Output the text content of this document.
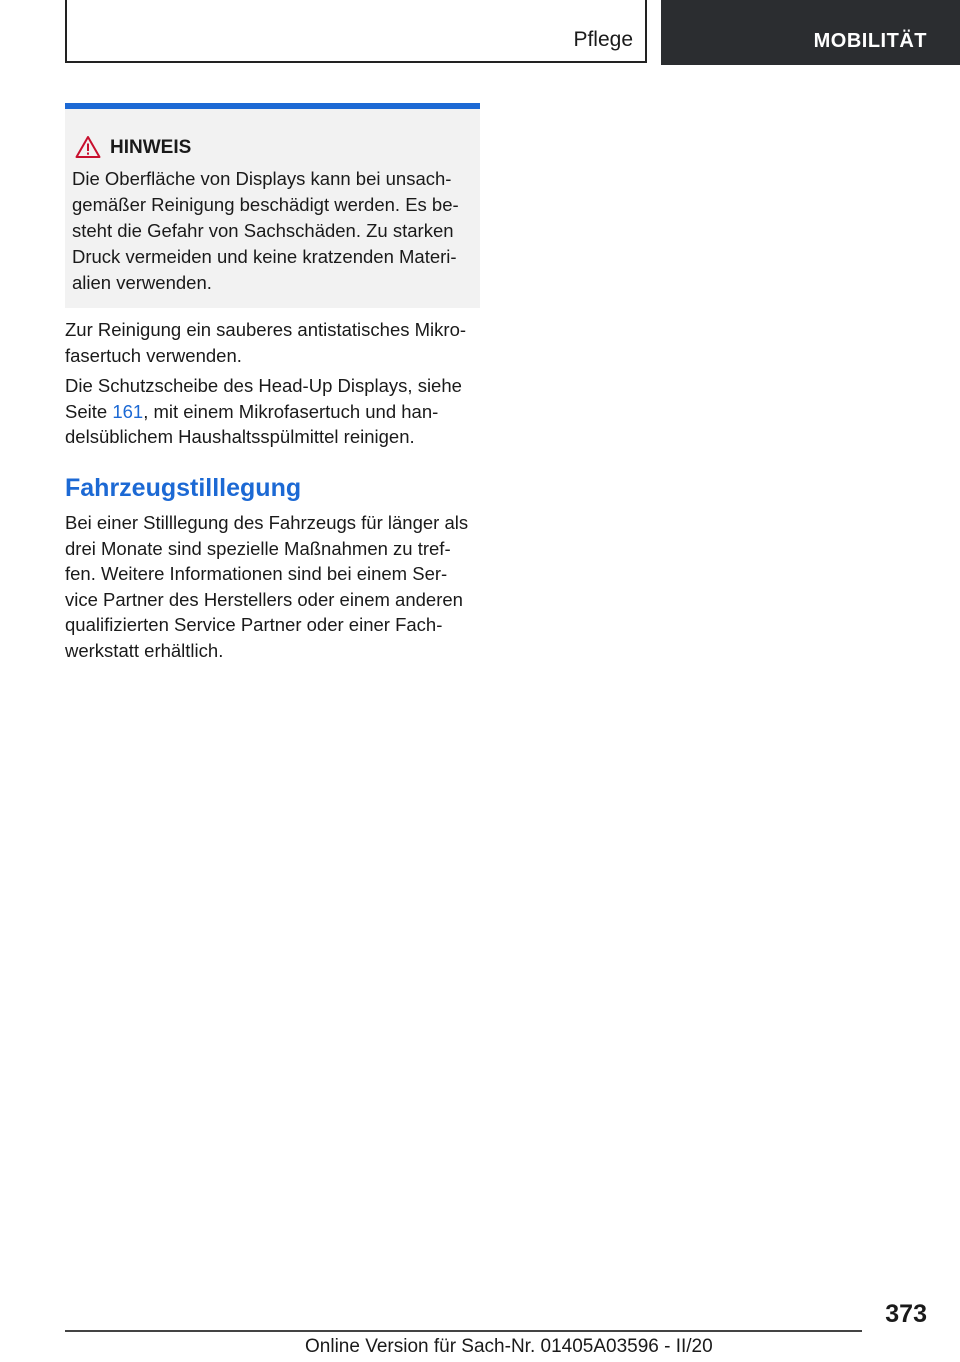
Pflege	MOBILITÄT
HINWEIS
Die Oberfläche von Displays kann bei unsach-
gemäßer Reinigung beschädigt werden. Es be-
steht die Gefahr von Sachschäden. Zu starken
Druck vermeiden und keine kratzenden Materi-
alien verwenden.
Zur Reinigung ein sauberes antistatisches Mikro-
fasertuch verwenden.
Die Schutzscheibe des Head-Up Displays, siehe
Seite 161, mit einem Mikrofasertuch und han-
delsüblichem Haushaltsspülmittel reinigen.
Fahrzeugstilllegung
Bei einer Stilllegung des Fahrzeugs für länger als
drei Monate sind spezielle Maßnahmen zu tref-
fen. Weitere Informationen sind bei einem Ser-
vice Partner des Herstellers oder einem anderen
qualifizierten Service Partner oder einer Fach-
werkstatt erhältlich.
373
Online Version für Sach-Nr. 01405A03596 - II/20
